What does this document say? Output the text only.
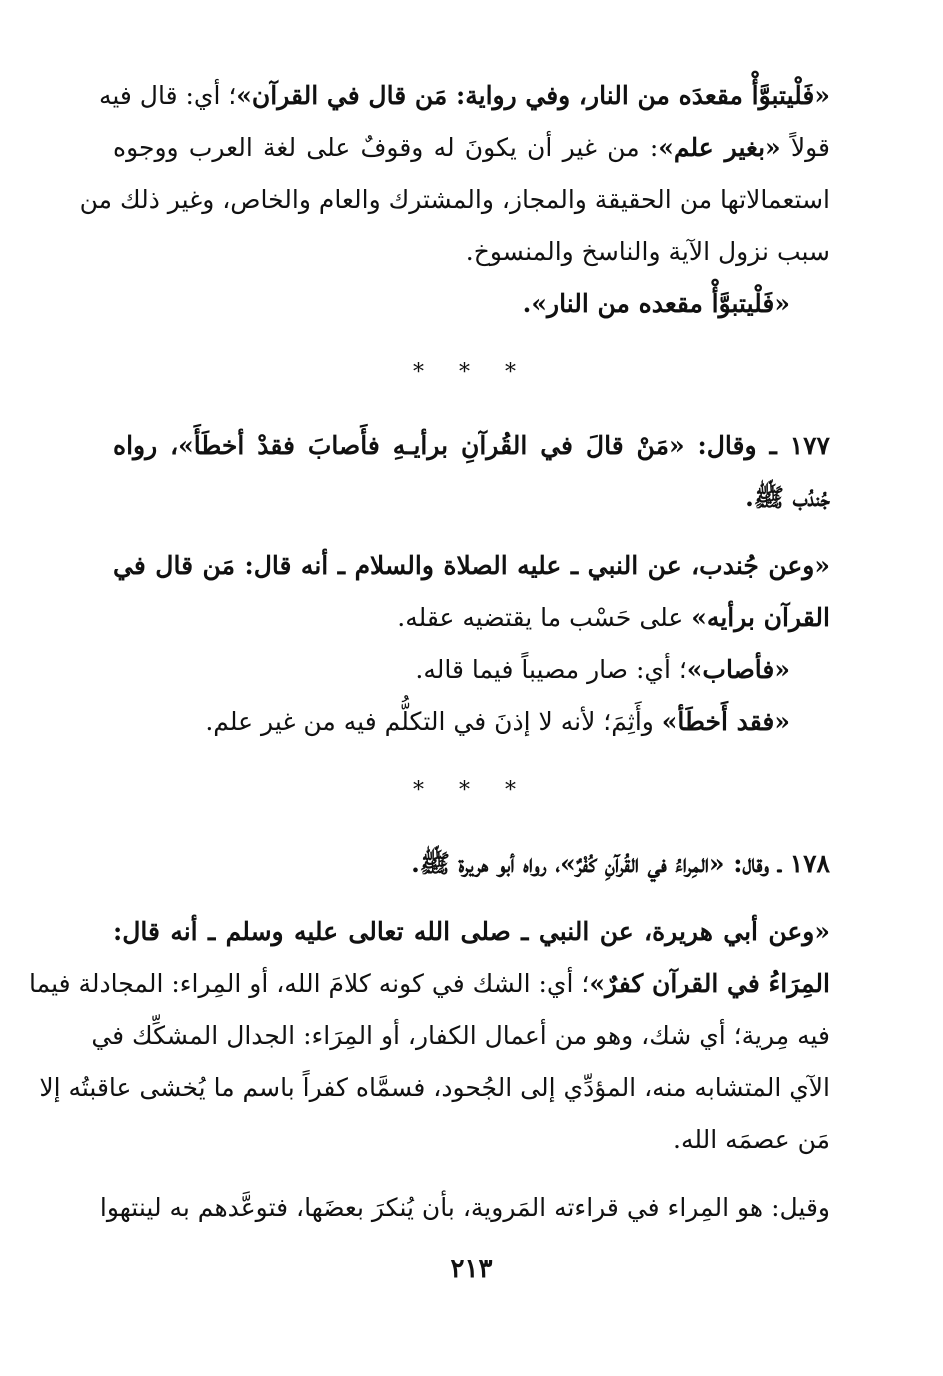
«فَلْيتبوَّأْ مقعدَه من النار، وفي رواية: مَن قال في القرآن»؛ أي: قال فيه
قولاً «بغير علم»: من غير أن يكونَ له وقوفٌ على لغة العرب ووجوه
استعمالاتها من الحقيقة والمجاز، والمشترك والعام والخاص، وغير ذلك من
سبب نزول الآية والناسخ والمنسوخ.
«فَلْيتبوَّأْ مقعده من النار».
* * *
١٧٧ ـ وقال: «مَنْ قالَ في القُرآنِ برأيـهِ فأَصابَ فقدْ أخطَأَ»، رواه
جُندُب ﷺ.
«وعن جُندب، عن النبي ـ عليه الصلاة والسلام ـ أنه قال: مَن قال في
القرآن برأيه» على حَسْب ما يقتضيه عقله.
«فأصاب»؛ أي: صار مصيباً فيما قاله.
«فقد أَخطَأ» وأَثِمَ؛ لأنه لا إذنَ في التكلُّم فيه من غير علم.
* * *
١٧٨ ـ وقال: «المِراءُ في القُرآنِ كُفْرٌ»، رواه أبو هريرة ﷺ.
«وعن أبي هريرة، عن النبي ـ صلى الله تعالى عليه وسلم ـ أنه قال:
المِرَاءُ في القرآن كفرٌ»؛ أي: الشك في كونه كلامَ الله، أو المِراء: المجادلة فيما
فيه مِرية؛ أي شك، وهو من أعمال الكفار، أو المِرَاء: الجدال المشكِّك في
الآي المتشابه منه، المؤدِّي إلى الجُحود، فسمَّاه كفراً باسم ما يُخشى عاقبتُه إلا
مَن عصمَه الله.
وقيل: هو المِراء في قراءته المَروية، بأن يُنكرَ بعضَها، فتوعَّدهم به لينتهوا
٢١٣
